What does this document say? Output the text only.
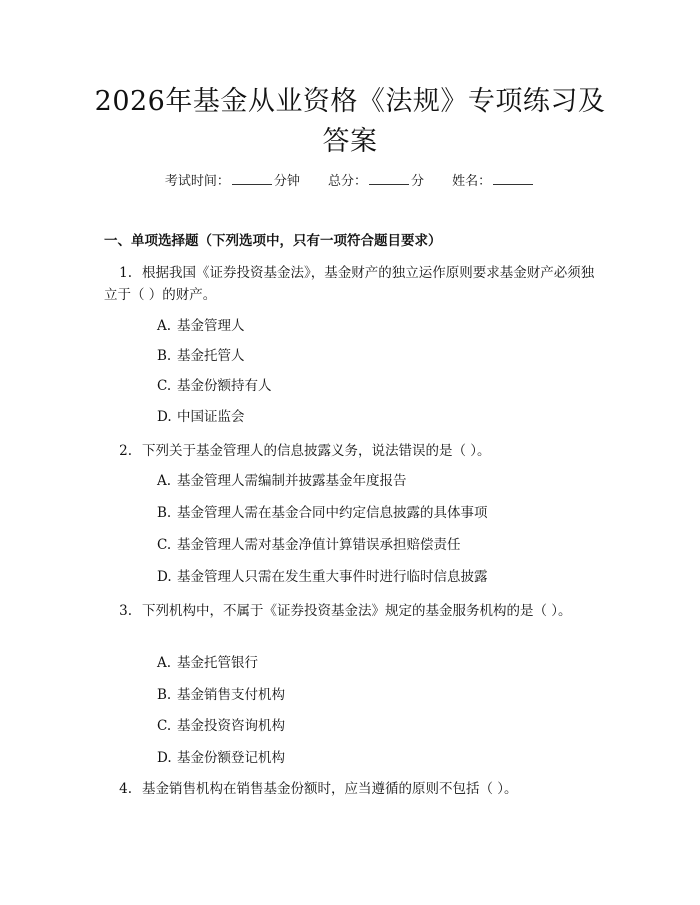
2026年基金从业资格《法规》专项练习及答案
考试时间：	分钟 总分：	分 姓名：
一、单项选择题（下列选项中，只有一项符合题目要求）
1. 根据我国《证券投资基金法》，基金财产的独立运作原则要求基金财产必须独立于（ ）的财产。
A. 基金管理人
B. 基金托管人
C. 基金份额持有人
D. 中国证监会
2. 下列关于基金管理人的信息披露义务，说法错误的是（ ）。
A. 基金管理人需编制并披露基金年度报告
B. 基金管理人需在基金合同中约定信息披露的具体事项
C. 基金管理人需对基金净值计算错误承担赔偿责任
D. 基金管理人只需在发生重大事件时进行临时信息披露
3. 下列机构中，不属于《证券投资基金法》规定的基金服务机构的是（ ）。
A. 基金托管银行
B. 基金销售支付机构
C. 基金投资咨询机构
D. 基金份额登记机构
4. 基金销售机构在销售基金份额时，应当遵循的原则不包括（ ）。
